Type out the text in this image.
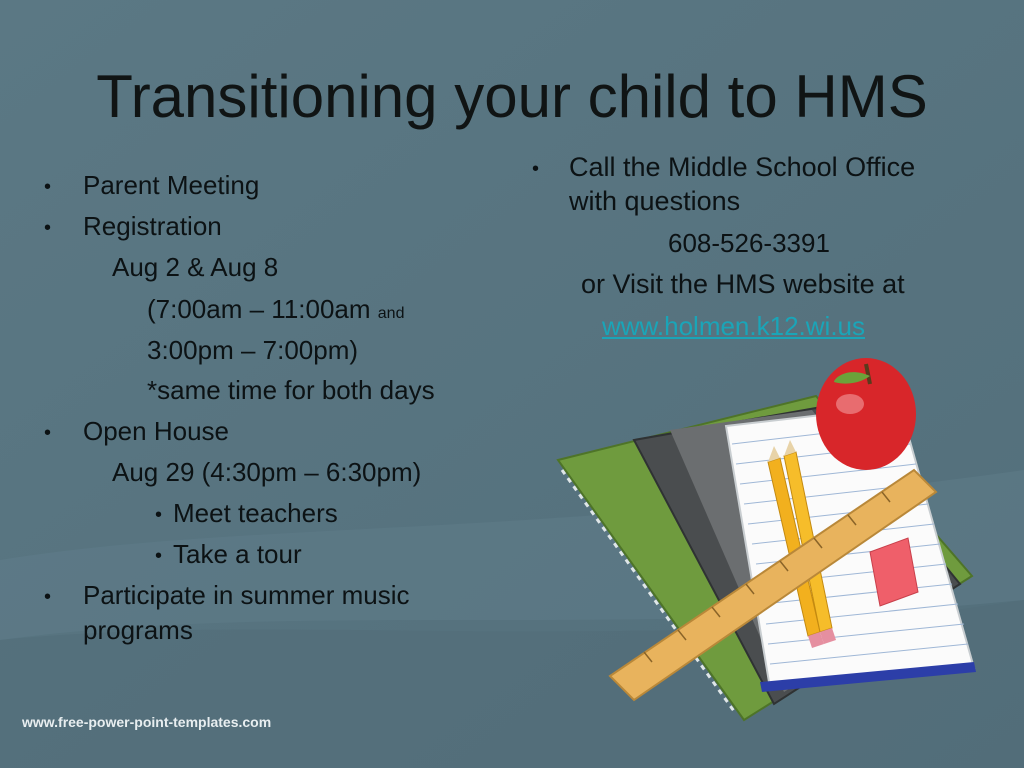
Transitioning your child to HMS
• Parent Meeting
• Registration
Aug 2 & Aug 8
(7:00am – 11:00am and
3:00pm – 7:00pm)
*same time for both days
• Open House
Aug 29 (4:30pm – 6:30pm)
• Meet teachers
• Take a tour
• Participate in summer music
programs
• Call the Middle School Office
with questions
608-526-3391
or Visit the HMS website at
www.holmen.k12.wi.us
www.free-power-point-templates.com
